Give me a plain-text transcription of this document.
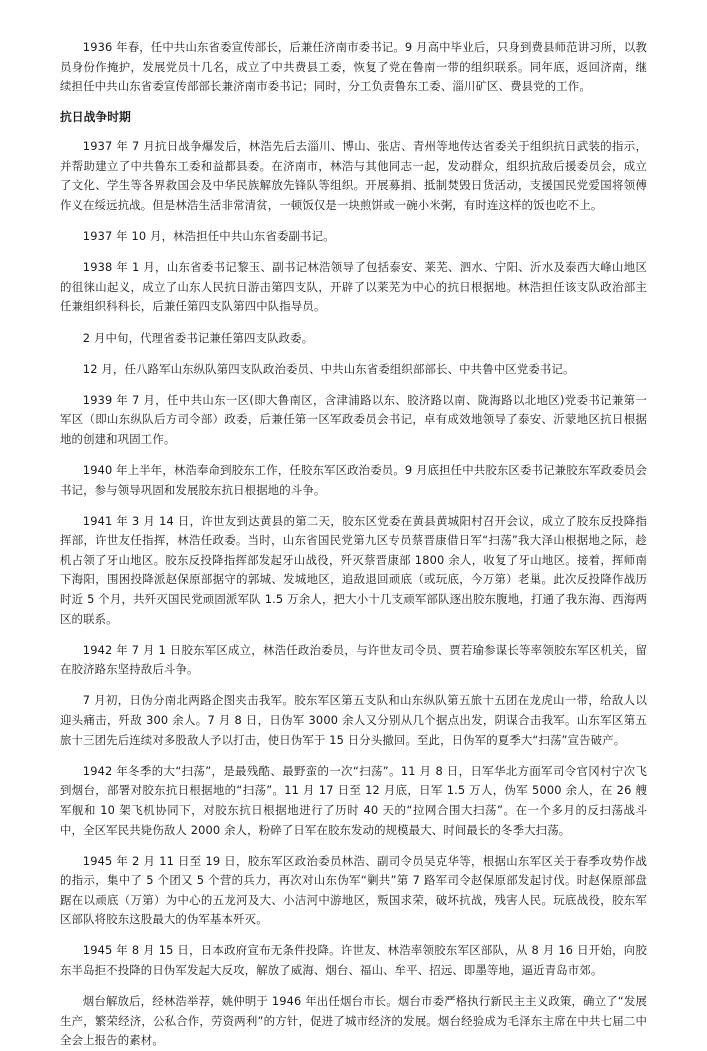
1936 年春，任中共山东省委宣传部长，后兼任济南市委书记。9 月高中毕业后，只身到费县师范讲习所，以教员身份作掩护，发展党员十几名，成立了中共费县工委，恢复了党在鲁南一带的组织联系。同年底，返回济南，继续担任中共山东省委宣传部部长兼济南市委书记；同时，分工负责鲁东工委、淄川矿区、费县党的工作。

抗日战争时期

1937 年 7 月抗日战争爆发后，林浩先后去淄川、博山、张店、青州等地传达省委关于组织抗日武装的指示，并帮助建立了中共鲁东工委和益都县委。在济南市，林浩与其他同志一起，发动群众，组织抗敌后援委员会，成立了文化、学生等各界救国会及中华民族解放先锋队等组织。开展募捐、抵制焚毁日货活动，支援国民党爱国将领傅作义在绥远抗战。但是林浩生活非常清贫，一顿饭仅是一块煎饼或一碗小米粥，有时连这样的饭也吃不上。

1937 年 10 月，林浩担任中共山东省委副书记。

1938 年 1 月，山东省委书记黎玉、副书记林浩领导了包括泰安、莱芜、泗水、宁阳、沂水及泰西大峰山地区的徂徕山起义，成立了山东人民抗日游击第四支队，开辟了以莱芜为中心的抗日根据地。林浩担任该支队政治部主任兼组织科科长，后兼任第四支队第四中队指导员。

2 月中旬，代理省委书记兼任第四支队政委。

12 月，任八路军山东纵队第四支队政治委员、中共山东省委组织部部长、中共鲁中区党委书记。

1939 年 7 月，任中共山东一区(即大鲁南区，含津浦路以东、胶济路以南、陇海路以北地区)党委书记兼第一军区（即山东纵队后方司令部）政委，后兼任第一区军政委员会书记，卓有成效地领导了泰安、沂蒙地区抗日根据地的创建和巩固工作。

1940 年上半年，林浩奉命到胶东工作，任胶东军区政治委员。9 月底担任中共胶东区委书记兼胶东军政委员会书记，参与领导巩固和发展胶东抗日根据地的斗争。

1941 年 3 月 14 日，许世友到达黄县的第二天，胶东区党委在黄县黄城阳村召开会议，成立了胶东反投降指挥部，许世友任指挥，林浩任政委。当时，山东省国民党第九区专员蔡晋康借日军“扫荡”我大泽山根据地之际，趁机占领了牙山地区。胶东反投降指挥部发起牙山战役，歼灭蔡晋康部 1800 余人，收复了牙山地区。接着，挥师南下海阳，围困投降派赵保原部据守的郭城、发城地区，追敌退回顽底（或玩底，今万第）老巢。此次反投降作战历时近 5 个月，共歼灭国民党顽固派军队 1.5 万余人，把大小十几支顽军部队逐出胶东腹地，打通了我东海、西海两区的联系。

1942 年 7 月 1 日胶东军区成立，林浩任政治委员，与许世友司令员、贾若瑜参谋长等率领胶东军区机关，留在胶济路东坚持敌后斗争。

7 月初，日伪分南北两路企图夹击我军。胶东军区第五支队和山东纵队第五旅十五团在龙虎山一带，给敌人以迎头痛击，歼敌 300 余人。7 月 8 日，日伪军 3000 余人又分别从几个据点出发，阴谋合击我军。山东军区第五旅十三团先后连续对多股敌人予以打击，使日伪军于 15 日分头撤回。至此，日伪军的夏季大“扫荡”宣告破产。

1942 年冬季的大“扫荡”，是最残酷、最野蛮的一次“扫荡”。11 月 8 日，日军华北方面军司令官冈村宁次飞到烟台，部署对胶东抗日根据地的“扫荡”。11 月 17 日至 12 月底，日军 1.5 万人，伪军 5000 余人，在 26 艘军舰和 10 架飞机协同下，对胶东抗日根据地进行了历时 40 天的“拉网合围大扫荡”。在一个多月的反扫荡战斗中，全区军民共毙伤敌人 2000 余人，粉碎了日军在胶东发动的规模最大、时间最长的冬季大扫荡。

1945 年 2 月 11 日至 19 日，胶东军区政治委员林浩、副司令员吴克华等，根据山东军区关于春季攻势作战的指示，集中了 5 个团又 5 个营的兵力，再次对山东伪军“剿共”第 7 路军司令赵保原部发起讨伐。时赵保原部盘踞在以顽底（万第）为中心的五龙河及大、小洁河中游地区，叛国求荣，破坏抗战，残害人民。玩底战役，胶东军区部队将胶东这股最大的伪军基本歼灭。

1945 年 8 月 15 日，日本政府宣布无条件投降。许世友、林浩率领胶东军区部队，从 8 月 16 日开始，向胶东半岛拒不投降的日伪军发起大反攻，解放了威海、烟台、福山、牟平、招远、即墨等地，逼近青岛市郊。

烟台解放后，经林浩举荐，姚仲明于 1946 年出任烟台市长。烟台市委严格执行新民主主义政策，确立了“发展生产，繁荣经济，公私合作，劳资两利”的方针，促进了城市经济的发展。烟台经验成为毛泽东主席在中共七届二中全会上报告的素材。
